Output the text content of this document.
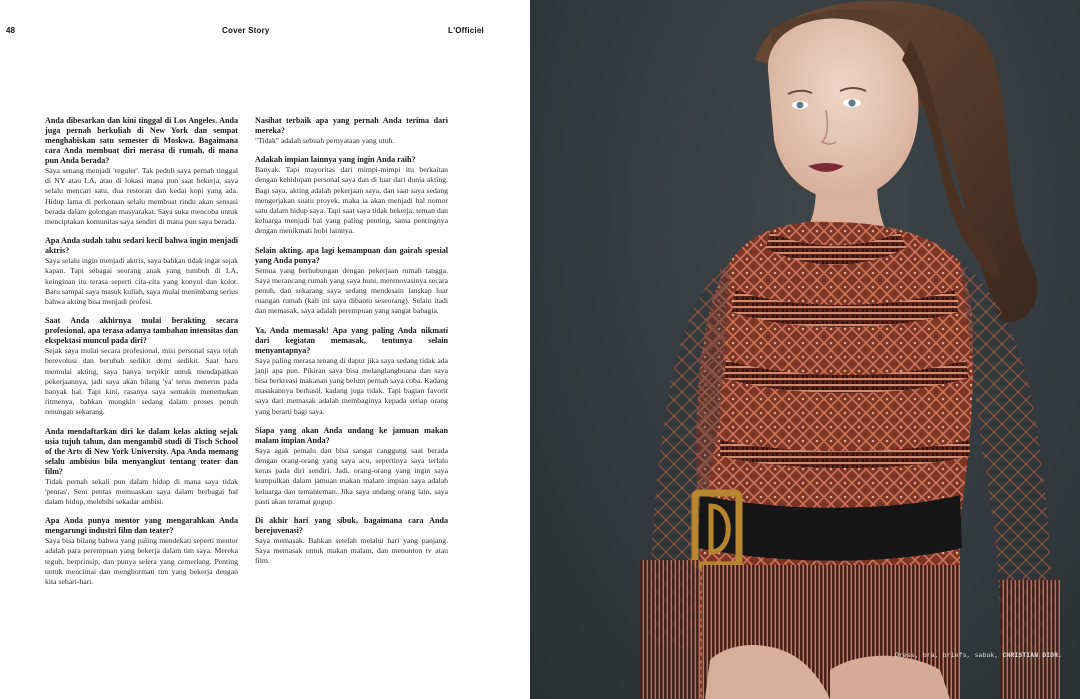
48	Cover Story	L'Officiel

Anda dibesarkan dan kini tinggal di Los Angeles. Anda juga pernah berkuliah di New York dan sempat menghabiskan satu semester di Moskwa. Bagaimana cara Anda membuat diri merasa di rumah, di mana pun Anda berada?

Saya senang menjadi 'reguler'. Tak peduli saya pernah tinggal di NY atau LA, atau di lokasi mana pun saat bekerja, saya selalu mencari satu, dua restoran dan kedai kopi yang ada. Hidup lama di perkotaan selalu membuat rindu akan sensasi berada dalam golongan masyarakat. Saya suka mencoba untuk menciptakan komunitas saya sendiri di mana pun saya berada.

Apa Anda sudah tahu sedari kecil bahwa ingin menjadi aktris?

Saya selalu ingin menjadi aktris, saya bahkan tidak ingat sejak kapan. Tapi sebagai seorang anak yang tumbuh di LA, keinginan itu terasa seperti cita-cita yang konyol dan kolot. Baru sampai saya masuk kuliah, saya mulai menimbang serius bahwa akting bisa menjadi profesi.

Saat Anda akhirnya mulai berakting secara profesional, apa terasa adanya tambahan intensitas dan ekspektasi muncul pada diri?

Sejak saya mulai secara profesional, misi personal saya telah berevolusi dan berubah sedikit demi sedikit. Saat baru memulai akting, saya hanya terpikir untuk mendapatkan pekerjaannya, jadi saya akan bilang 'ya' terus menerus pada banyak hal. Tapi kini, rasanya saya semakin menemukan ritmenya, bahkan mungkin sedang dalam proses penuh renungan sekarang.

Anda mendaftarkan diri ke dalam kelas akting sejak usia tujuh tahun, dan mengambil studi di Tisch School of the Arts di New York University. Apa Anda memang selalu ambisius bila menyangkut tentang teater dan film?

Tidak pernah sekali pun dalam hidup di mana saya tidak 'pentas'. Seni pentas memuaskan saya dalam berbagai hal dalam hidup, melebihi sekadar ambisi.

Apa Anda punya mentor yang mengarahkan Anda mengarungi industri film dan teater?

Saya bisa bilang bahwa yang paling mendekati seperti mentor adalah para perempuan yang bekerja dalam tim saya. Mereka teguh, berprinsip, dan punya selera yang cemerlang. Penting untuk mencintai dan menghormati tim yang bekerja dengan kita sehari-hari.

Nasihat terbaik apa yang pernah Anda terima dari mereka?

"Tidak" adalah sebuah pernyataan yang utuh.

Adakah impian lainnya yang ingin Anda raih?

Banyak. Tapi mayoritas dari mimpi-mimpi itu berkaitan dengan kehidupan personal saya dan di luar dari dunia akting. Bagi saya, akting adalah pekerjaan saya, dan saat saya sedang mengerjakan suatu proyek, maka ia akan menjadi hal nomor satu dalam hidup saya. Tapi saat saya tidak bekerja, teman dan keluarga menjadi hal yang paling penting, sama pentingnya dengan menikmati hobi lainnya.

Selain akting, apa lagi kemampuan dan gairah spesial yang Anda punya?

Semua yang berhubungan dengan pekerjaan rumah tangga. Saya merancang rumah yang saya huni, merenovasinya secara penuh, dan sekarang saya sedang mendesain lanskap luar ruangan rumah (kali ini saya dibantu seseorang). Selain itadi dan memasak, saya adalah perempuan yang sangat bahagia.

Ya, Anda memasak! Apa yang paling Anda nikmati dari kegiatan memasak, tentunya selain menyantapnya?

Saya paling merasa tenang di dapur jika saya sedang tidak ada janji apa pun. Pikiran saya bisa melanglangbuana dan saya bisa berkreasi makanan yang belum pernah saya coba. Kadang masakannya berhasil, kadang juga tidak. Tapi bagian favorit saya dari memasak adalah membaginya kepada setiap orang yang berarti bagi saya.

Siapa yang akan Anda undang ke jamuan makan malam impian Anda?

Saya agak pemalu dan bisa sangat canggung saat berada dengan orang-orang yang saya acu, sepertinya saya terlalu keras pada diri sendiri. Jadi, orang-orang yang ingin saya kumpulkan dalam jamuan makan malam impian saya adalah keluarga dan temanteman. Jika saya undang orang lain, saya pasti akan teramat gugup.

Di akhir hari yang sibuk, bagaimana cara Anda berejuvenasi?

Saya memasak. Bahkan setelah melalui hari yang panjang. Saya memasak untuk makan malam, dan menonton tv atau film.

Dress, bra, briefs, sabuk, CHRISTIAN DIOR.
